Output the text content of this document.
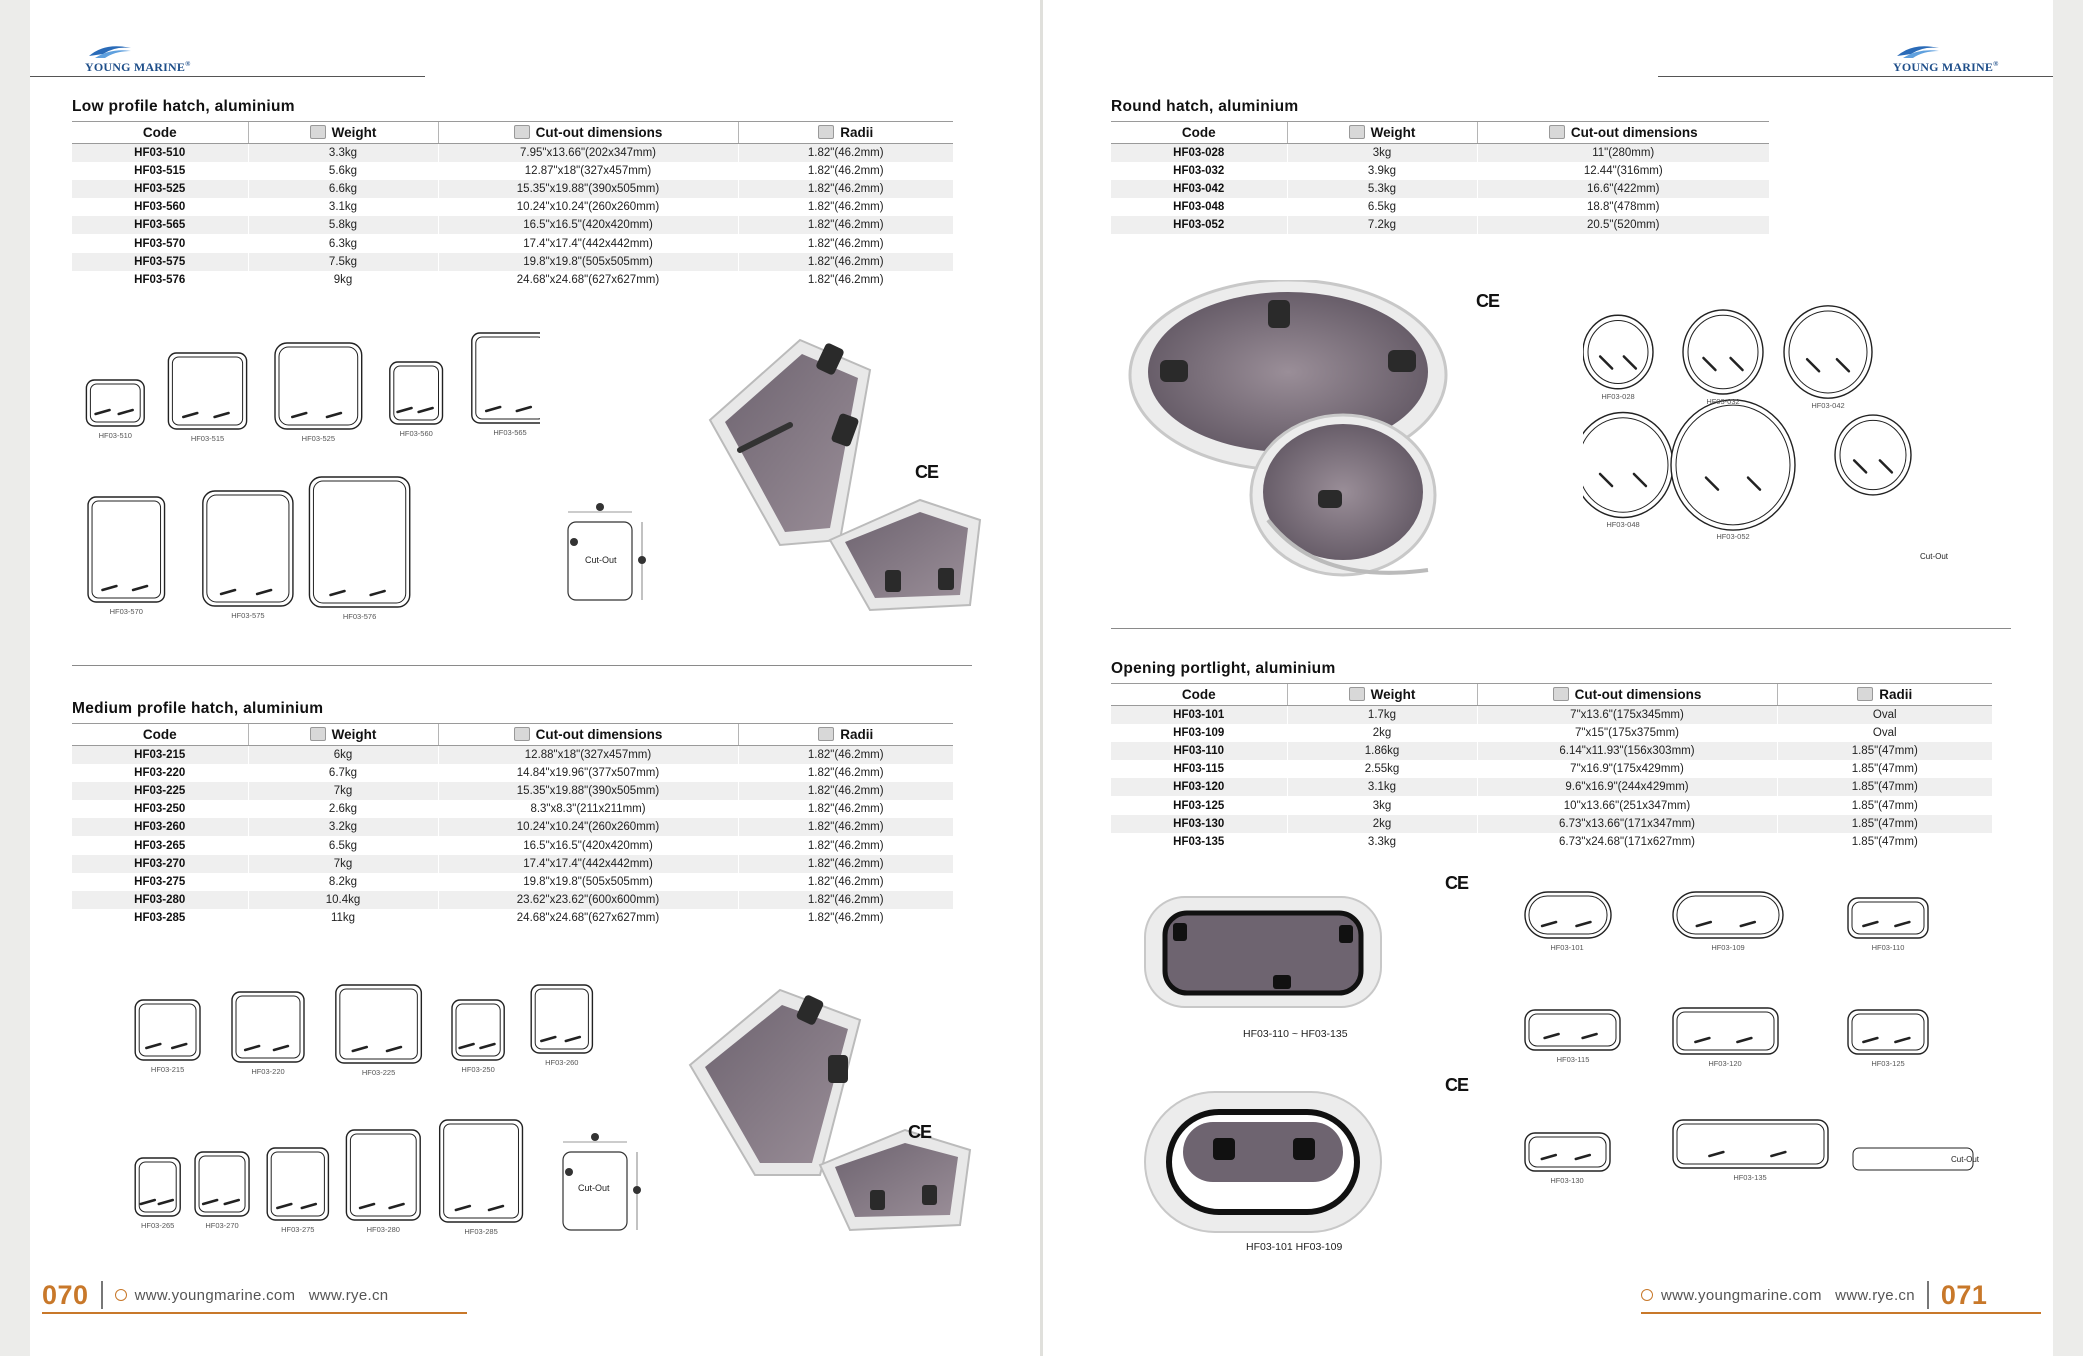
YOUNG MARINE®
Low profile hatch, aluminium
Code	Weight	Cut-out dimensions	Radii
HF03-510	3.3kg	7.95"x13.66"(202x347mm)	1.82"(46.2mm)
HF03-515	5.6kg	12.87"x18"(327x457mm)	1.82"(46.2mm)
HF03-525	6.6kg	15.35"x19.88"(390x505mm)	1.82"(46.2mm)
HF03-560	3.1kg	10.24"x10.24"(260x260mm)	1.82"(46.2mm)
HF03-565	5.8kg	16.5"x16.5"(420x420mm)	1.82"(46.2mm)
HF03-570	6.3kg	17.4"x17.4"(442x442mm)	1.82"(46.2mm)
HF03-575	7.5kg	19.8"x19.8"(505x505mm)	1.82"(46.2mm)
HF03-576	9kg	24.68"x24.68"(627x627mm)	1.82"(46.2mm)
HF03-510	HF03-515	HF03-525
HF03-560	HF03-565
HF03-570	HF03-575	HF03-576
Cut-Out
CE
Medium profile hatch, aluminium
Code	Weight	Cut-out dimensions	Radii
HF03-215	6kg	12.88"x18"(327x457mm)	1.82"(46.2mm)
HF03-220	6.7kg	14.84"x19.96"(377x507mm)	1.82"(46.2mm)
HF03-225	7kg	15.35"x19.88"(390x505mm)	1.82"(46.2mm)
HF03-250	2.6kg	8.3"x8.3"(211x211mm)	1.82"(46.2mm)
HF03-260	3.2kg	10.24"x10.24"(260x260mm)	1.82"(46.2mm)
HF03-265	6.5kg	16.5"x16.5"(420x420mm)	1.82"(46.2mm)
HF03-270	7kg	17.4"x17.4"(442x442mm)	1.82"(46.2mm)
HF03-275	8.2kg	19.8"x19.8"(505x505mm)	1.82"(46.2mm)
HF03-280	10.4kg	23.62"x23.62"(600x600mm)	1.82"(46.2mm)
HF03-285	11kg	24.68"x24.68"(627x627mm)	1.82"(46.2mm)
HF03-215	HF03-220	HF03-225	HF03-250
HF03-260
HF03-265	HF03-270	HF03-275	HF03-280	HF03-285
Cut-Out
CE
070	www.youngmarine.com   www.rye.cn
YOUNG MARINE®
Round hatch, aluminium
Code	Weight	Cut-out dimensions
HF03-028	3kg	11"(280mm)
HF03-032	3.9kg	12.44"(316mm)
HF03-042	5.3kg	16.6"(422mm)
HF03-048	6.5kg	18.8"(478mm)
HF03-052	7.2kg	20.5"(520mm)
CE
HF03-028
HF03-032	HF03-042
HF03-048
HF03-052
Cut-Out
Opening portlight, aluminium
Code	Weight	Cut-out dimensions	Radii
HF03-101	1.7kg	7"x13.6"(175x345mm)	Oval
HF03-109	2kg	7"x15"(175x375mm)	Oval
HF03-110	1.86kg	6.14"x11.93"(156x303mm)	1.85"(47mm)
HF03-115	2.55kg	7"x16.9"(175x429mm)	1.85"(47mm)
HF03-120	3.1kg	9.6"x16.9"(244x429mm)	1.85"(47mm)
HF03-125	3kg	10"x13.66"(251x347mm)	1.85"(47mm)
HF03-130	2kg	6.73"x13.66"(171x347mm)	1.85"(47mm)
HF03-135	3.3kg	6.73"x24.68"(171x627mm)	1.85"(47mm)
HF03-110 ~ HF03-135
CE
HF03-101 HF03-109
CE
HF03-101	HF03-109	HF03-110
HF03-115	HF03-120	HF03-125
HF03-130	HF03-135
Cut-Out
www.youngmarine.com   www.rye.cn 071
